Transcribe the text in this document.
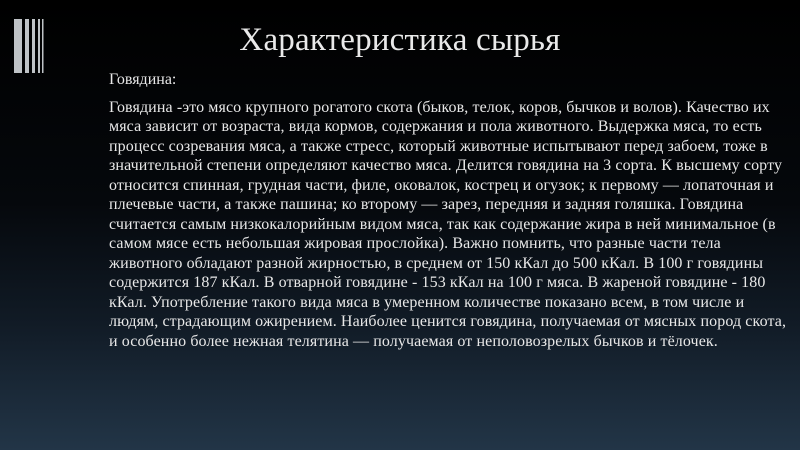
Характеристика сырья

Говядина:

Говядина -это мясо крупного рогатого скота (быков, телок, коров, бычков и волов). Качество их мяса зависит от возраста, вида кормов, содержания и пола животного. Выдержка мяса, то есть процесс созревания мяса, а также стресс, который животные испытывают перед забоем, тоже в значительной степени определяют качество мяса. Делится говядина на 3 сорта. К высшему сорту относится спинная, грудная части, филе, оковалок, кострец и огузок; к первому — лопаточная и плечевые части, а также пашина; ко второму — зарез, передняя и задняя голяшка. Говядина считается самым низкокалорийным видом мяса, так как содержание жира в ней минимальное (в самом мясе есть небольшая жировая прослойка). Важно помнить, что разные части тела животного обладают разной жирностью, в среднем от 150 кКал до 500 кКал. В 100 г говядины содержится 187 кКал. В отварной говядине - 153 кКал на 100 г мяса. В жареной говядине - 180 кКал. Употребление такого вида мяса в умеренном количестве показано всем, в том числе и людям, страдающим ожирением. Наиболее ценится говядина, получаемая от мясных пород скота, и особенно более нежная телятина — получаемая от неполовозрелых бычков и тёлочек.
